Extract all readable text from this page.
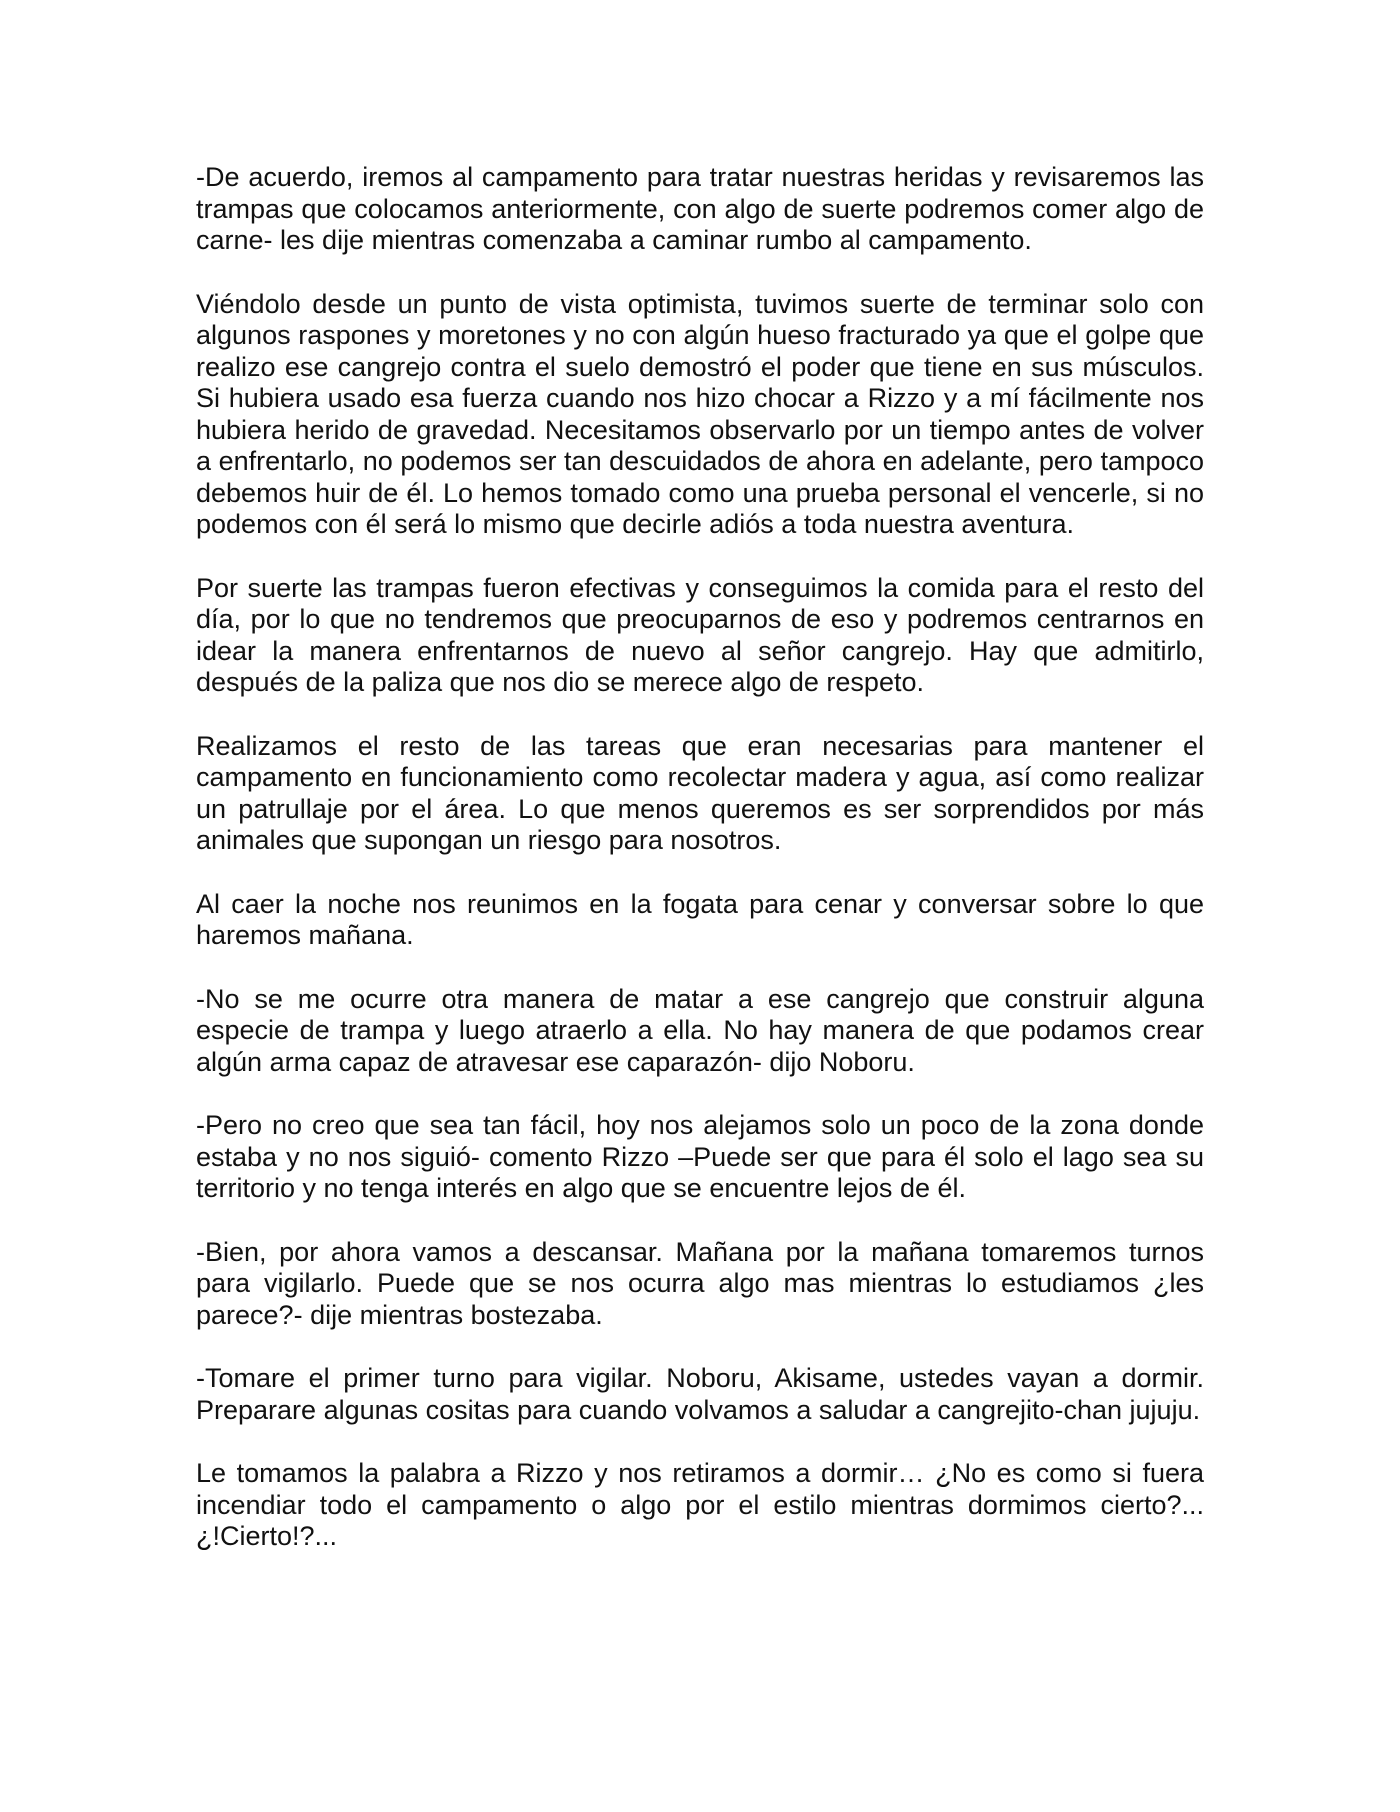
-De acuerdo, iremos al campamento para tratar nuestras heridas y revisaremos las trampas que colocamos anteriormente, con algo de suerte podremos comer algo de carne- les dije mientras comenzaba a caminar rumbo al campamento.

Viéndolo desde un punto de vista optimista, tuvimos suerte de terminar solo con algunos raspones y moretones y no con algún hueso fracturado ya que el golpe que realizo ese cangrejo contra el suelo demostró el poder que tiene en sus músculos. Si hubiera usado esa fuerza cuando nos hizo chocar a Rizzo y a mí fácilmente nos hubiera herido de gravedad. Necesitamos observarlo por un tiempo antes de volver a enfrentarlo, no podemos ser tan descuidados de ahora en adelante, pero tampoco debemos huir de él. Lo hemos tomado como una prueba personal el vencerle, si no podemos con él será lo mismo que decirle adiós a toda nuestra aventura.

Por suerte las trampas fueron efectivas y conseguimos la comida para el resto del día, por lo que no tendremos que preocuparnos de eso y podremos centrarnos en idear la manera enfrentarnos de nuevo al señor cangrejo. Hay que admitirlo, después de la paliza que nos dio se merece algo de respeto.

Realizamos el resto de las tareas que eran necesarias para mantener el campamento en funcionamiento como recolectar madera y agua, así como realizar un patrullaje por el área. Lo que menos queremos es ser sorprendidos por más animales que supongan un riesgo para nosotros.

Al caer la noche nos reunimos en la fogata para cenar y conversar sobre lo que haremos mañana.

-No se me ocurre otra manera de matar a ese cangrejo que construir alguna especie de trampa y luego atraerlo a ella. No hay manera de que podamos crear algún arma capaz de atravesar ese caparazón- dijo Noboru.

-Pero no creo que sea tan fácil, hoy nos alejamos solo un poco de la zona donde estaba y no nos siguió- comento Rizzo –Puede ser que para él solo el lago sea su territorio y no tenga interés en algo que se encuentre lejos de él.

-Bien, por ahora vamos a descansar. Mañana por la mañana tomaremos turnos para vigilarlo. Puede que se nos ocurra algo mas mientras lo estudiamos ¿les parece?- dije mientras bostezaba.

-Tomare el primer turno para vigilar. Noboru, Akisame, ustedes vayan a dormir. Preparare algunas cositas para cuando volvamos a saludar a cangrejito-chan jujuju.

Le tomamos la palabra a Rizzo y nos retiramos a dormir… ¿No es como si fuera incendiar todo el campamento o algo por el estilo mientras dormimos cierto?... ¿!Cierto!?...
